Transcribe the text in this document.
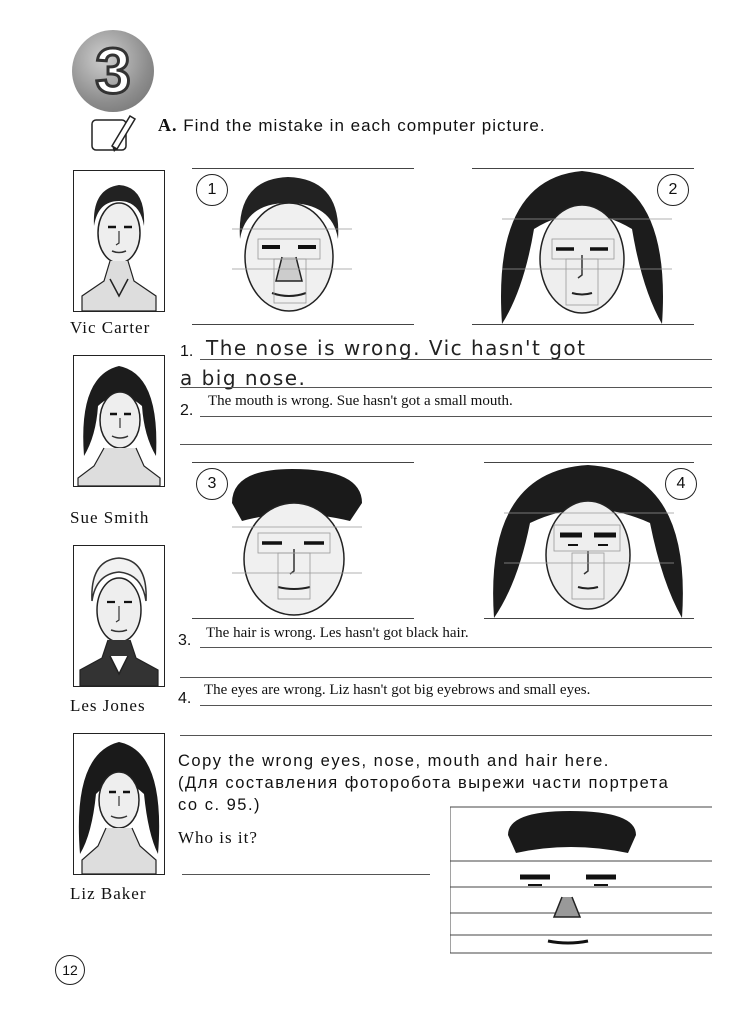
3
A. Find the mistake in each computer picture.
Vic Carter
Sue Smith
Les Jones
Liz Baker
1	2
3	4
1. The nose is wrong. Vic hasn't got
a big nose.
2.
The mouth is wrong. Sue hasn't got a small mouth.
3. The hair is wrong. Les hasn't got black hair.
4. The eyes are wrong. Liz hasn't got big eyebrows and small eyes.
Copy the wrong eyes, nose, mouth and hair here.
(Для составления фоторобота вырежи части портрета
со с. 95.)
Who is it?
12
